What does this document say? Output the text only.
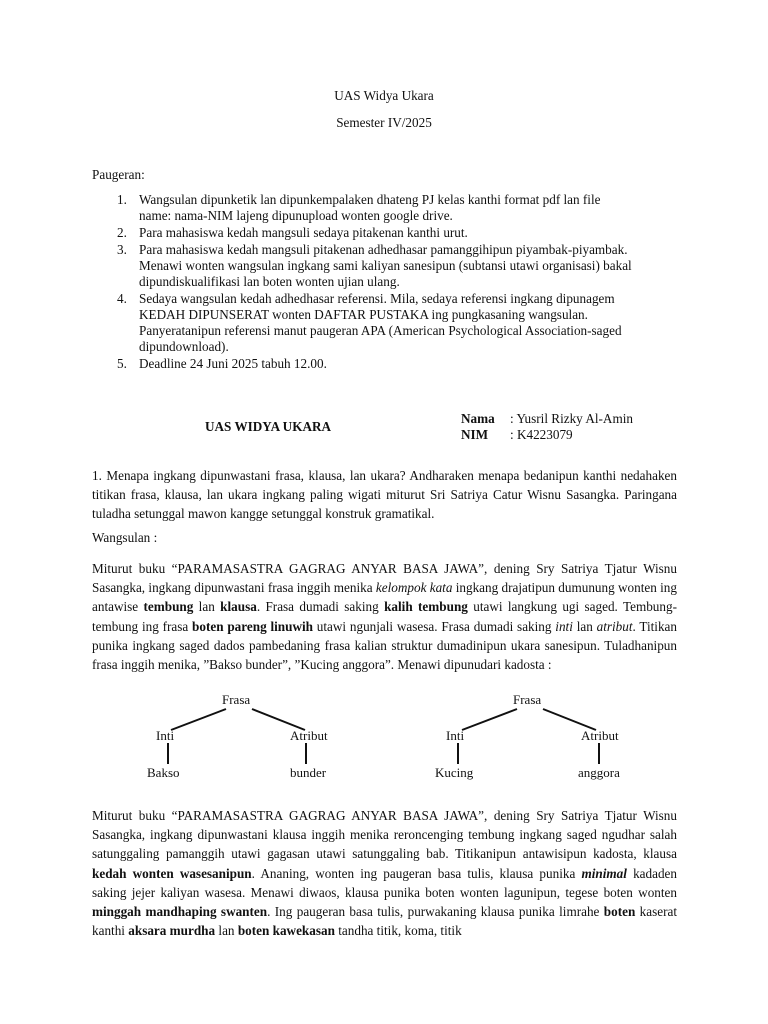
UAS Widya Ukara
Semester IV/2025
Paugeran:
1. Wangsulan dipunketik lan dipunkempalaken dhateng PJ kelas kanthi format pdf lan file
name: nama-NIM lajeng dipunupload wonten google drive.
2. Para mahasiswa kedah mangsuli sedaya pitakenan kanthi urut.
3. Para mahasiswa kedah mangsuli pitakenan adhedhasar pamanggihipun piyambak-piyambak.
Menawi wonten wangsulan ingkang sami kaliyan sanesipun (subtansi utawi organisasi) bakal
dipundiskualifikasi lan boten wonten ujian ulang.
4. Sedaya wangsulan kedah adhedhasar referensi. Mila, sedaya referensi ingkang dipunagem
KEDAH DIPUNSERAT wonten DAFTAR PUSTAKA ing pungkasaning wangsulan.
Panyeratanipun referensi manut paugeran APA (American Psychological Association-saged
dipundownload).
5. Deadline 24 Juni 2025 tabuh 12.00.
UAS WIDYA UKARA
Nama : Yusril Rizky Al-Amin
NIM : K4223079
1. Menapa ingkang dipunwastani frasa, klausa, lan ukara? Andharaken menapa bedanipun kanthi nedahaken titikan frasa, klausa, lan ukara ingkang paling wigati miturut Sri Satriya Catur Wisnu Sasangka. Paringana tuladha setunggal mawon kangge setunggal konstruk gramatikal.
Wangsulan :
Miturut buku “PARAMASASTRA GAGRAG ANYAR BASA JAWA”, dening Sry Satriya Tjatur Wisnu Sasangka, ingkang dipunwastani frasa inggih menika kelompok kata ingkang drajatipun dumunung wonten ing antawise tembung lan klausa. Frasa dumadi saking kalih tembung utawi langkung ugi saged. Tembung-tembung ing frasa boten pareng linuwih utawi ngunjali wasesa. Frasa dumadi saking inti lan atribut. Titikan punika ingkang saged dados pambedaning frasa kalian struktur dumadinipun ukara sanesipun. Tuladhanipun frasa inggih menika, ”Bakso bunder”, ”Kucing anggora”. Menawi dipunudari kadosta :
Frasa
Inti	Atribut
Bakso	bunder
Frasa
Inti	Atribut
Kucing	anggora
Miturut buku “PARAMASASTRA GAGRAG ANYAR BASA JAWA”, dening Sry Satriya Tjatur Wisnu Sasangka, ingkang dipunwastani klausa inggih menika reroncenging tembung ingkang saged ngudhar salah satunggaling pamanggih utawi gagasan utawi satunggaling bab. Titikanipun antawisipun kadosta, klausa kedah wonten wasesanipun. Ananing, wonten ing paugeran basa tulis, klausa punika minimal kadaden saking jejer kaliyan wasesa. Menawi diwaos, klausa punika boten wonten lagunipun, tegese boten wonten minggah mandhaping swanten. Ing paugeran basa tulis, purwakaning klausa punika limrahe boten kaserat kanthi aksara murdha lan boten kawekasan tandha titik, koma, titik
